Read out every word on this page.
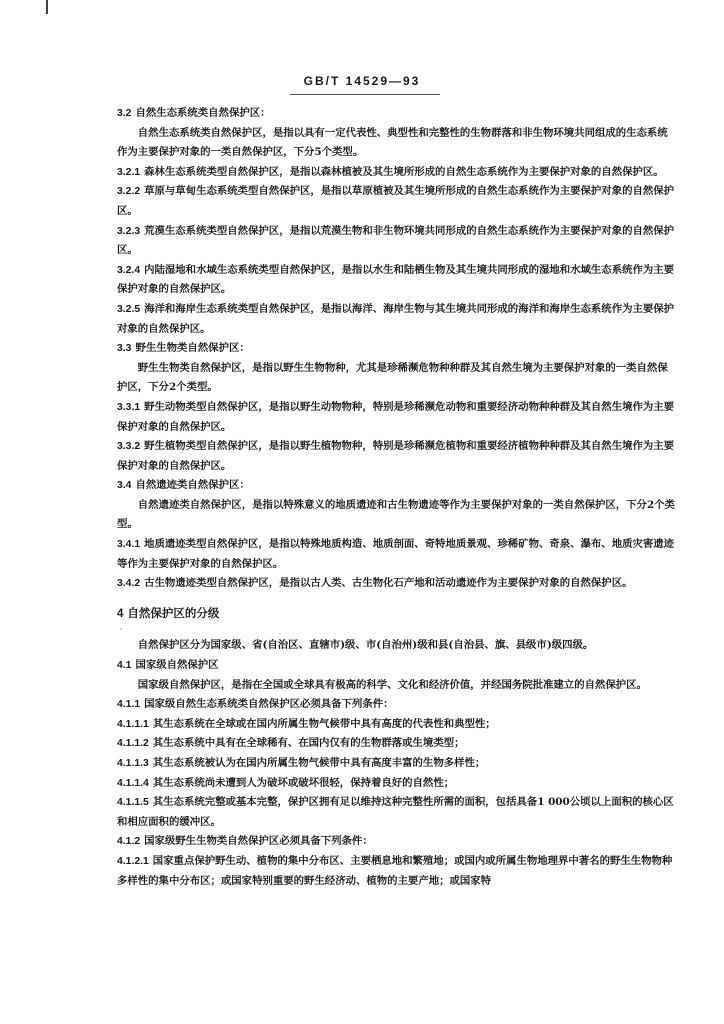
GB/T 14529—93

3.2 自然生态系统类自然保护区：

自然生态系统类自然保护区，是指以具有一定代表性、典型性和完整性的生物群落和非生物环境共同组成的生态系统作为主要保护对象的一类自然保护区，下分5个类型。

3.2.1 森林生态系统类型自然保护区，是指以森林植被及其生境所形成的自然生态系统作为主要保护对象的自然保护区。

3.2.2 草原与草甸生态系统类型自然保护区，是指以草原植被及其生境所形成的自然生态系统作为主要保护对象的自然保护区。

3.2.3 荒漠生态系统类型自然保护区，是指以荒漠生物和非生物环境共同形成的自然生态系统作为主要保护对象的自然保护区。

3.2.4 内陆湿地和水域生态系统类型自然保护区，是指以水生和陆栖生物及其生境共同形成的湿地和水域生态系统作为主要保护对象的自然保护区。

3.2.5 海洋和海岸生态系统类型自然保护区，是指以海洋、海岸生物与其生境共同形成的海洋和海岸生态系统作为主要保护对象的自然保护区。

3.3 野生生物类自然保护区：

野生生物类自然保护区，是指以野生生物物种，尤其是珍稀濒危物种种群及其自然生境为主要保护对象的一类自然保护区，下分2个类型。

3.3.1 野生动物类型自然保护区，是指以野生动物物种，特别是珍稀濒危动物和重要经济动物种种群及其自然生境作为主要保护对象的自然保护区。

3.3.2 野生植物类型自然保护区，是指以野生植物物种，特别是珍稀濒危植物和重要经济植物种种群及其自然生境作为主要保护对象的自然保护区。

3.4 自然遗迹类自然保护区：

自然遗迹类自然保护区，是指以特殊意义的地质遗迹和古生物遗迹等作为主要保护对象的一类自然保护区，下分2个类型。

3.4.1 地质遗迹类型自然保护区，是指以特殊地质构造、地质剖面、奇特地质景观、珍稀矿物、奇泉、瀑布、地质灾害遗迹等作为主要保护对象的自然保护区。

3.4.2 古生物遗迹类型自然保护区，是指以古人类、古生物化石产地和活动遗迹作为主要保护对象的自然保护区。

4 自然保护区的分级

˙

自然保护区分为国家级、省(自治区、直辖市)级、市(自治州)级和县(自治县、旗、县级市)级四级。

4.1 国家级自然保护区

国家级自然保护区，是指在全国或全球具有极高的科学、文化和经济价值，并经国务院批准建立的自然保护区。

4.1.1 国家级自然生态系统类自然保护区必须具备下列条件：

4.1.1.1 其生态系统在全球或在国内所属生物气候带中具有高度的代表性和典型性；

4.1.1.2 其生态系统中具有在全球稀有、在国内仅有的生物群落或生境类型；

4.1.1.3 其生态系统被认为在国内所属生物气候带中具有高度丰富的生物多样性；

4.1.1.4 其生态系统尚未遭到人为破坏或破坏很轻，保持着良好的自然性；

4.1.1.5 其生态系统完整或基本完整，保护区拥有足以维持这种完整性所需的面积，包括具备1 000公顷以上面积的核心区和相应面积的缓冲区。

4.1.2 国家级野生生物类自然保护区必须具备下列条件：

4.1.2.1 国家重点保护野生动、植物的集中分布区、主要栖息地和繁殖地；或国内或所属生物地理界中著名的野生生物物种多样性的集中分布区；或国家特别重要的野生经济动、植物的主要产地；或国家特
